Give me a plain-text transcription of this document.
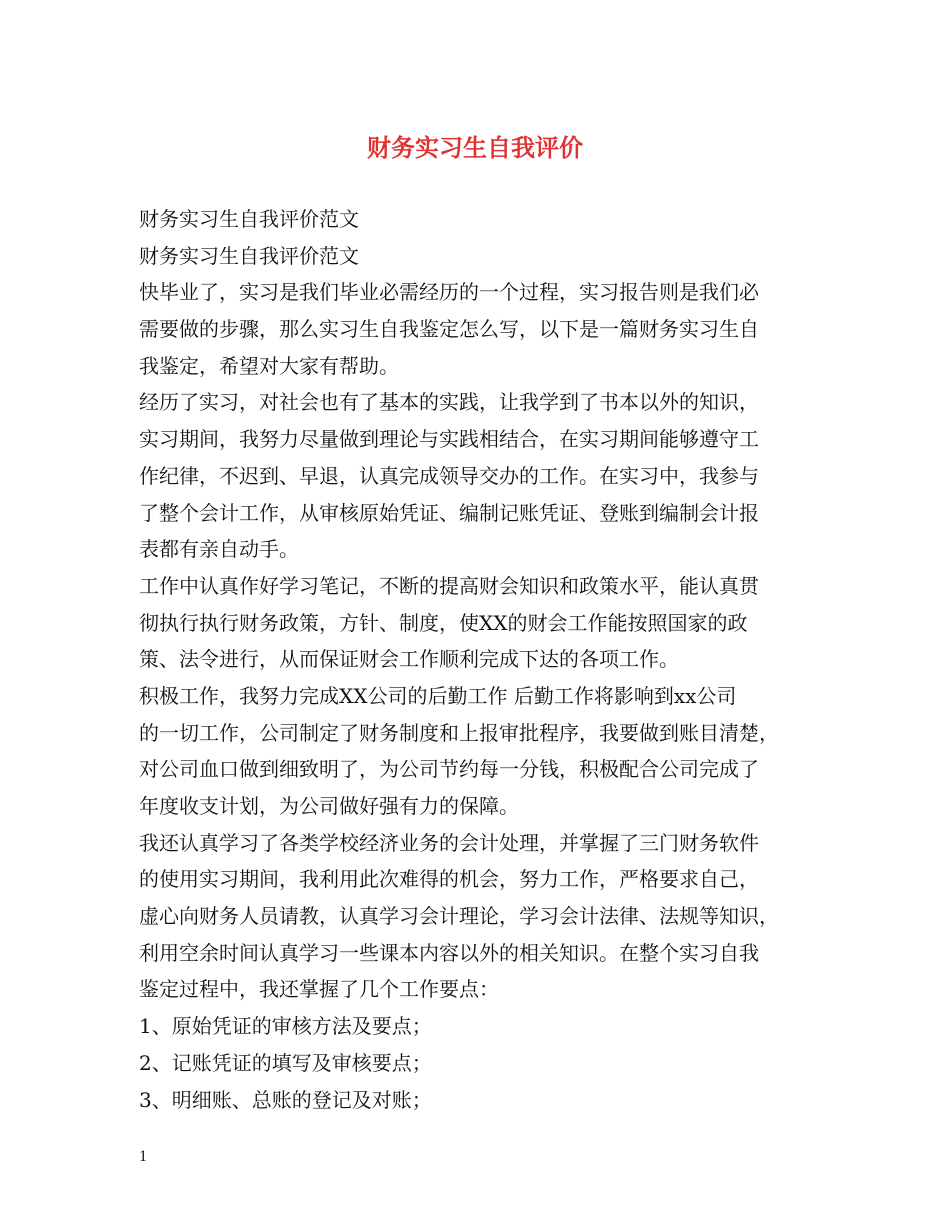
财务实习生自我评价
财务实习生自我评价范文
财务实习生自我评价范文
快毕业了，实习是我们毕业必需经历的一个过程，实习报告则是我们必
需要做的步骤，那么实习生自我鉴定怎么写，以下是一篇财务实习生自
我鉴定，希望对大家有帮助。
经历了实习，对社会也有了基本的实践，让我学到了书本以外的知识，
实习期间，我努力尽量做到理论与实践相结合，在实习期间能够遵守工
作纪律，不迟到、早退，认真完成领导交办的工作。在实习中，我参与
了整个会计工作，从审核原始凭证、编制记账凭证、登账到编制会计报
表都有亲自动手。
工作中认真作好学习笔记，不断的提高财会知识和政策水平，能认真贯
彻执行执行财务政策，方针、制度，使XX的财会工作能按照国家的政
策、法令进行，从而保证财会工作顺利完成下达的各项工作。
积极工作，我努力完成XX公司的后勤工作 后勤工作将影响到xx公司
的一切工作，公司制定了财务制度和上报审批程序，我要做到账目清楚，
对公司血口做到细致明了，为公司节约每一分钱，积极配合公司完成了
年度收支计划，为公司做好强有力的保障。
我还认真学习了各类学校经济业务的会计处理，并掌握了三门财务软件
的使用实习期间，我利用此次难得的机会，努力工作，严格要求自己，
虚心向财务人员请教，认真学习会计理论，学习会计法律、法规等知识，
利用空余时间认真学习一些课本内容以外的相关知识。在整个实习自我
鉴定过程中，我还掌握了几个工作要点：
1、原始凭证的审核方法及要点；
2、记账凭证的填写及审核要点；
3、明细账、总账的登记及对账；
1
